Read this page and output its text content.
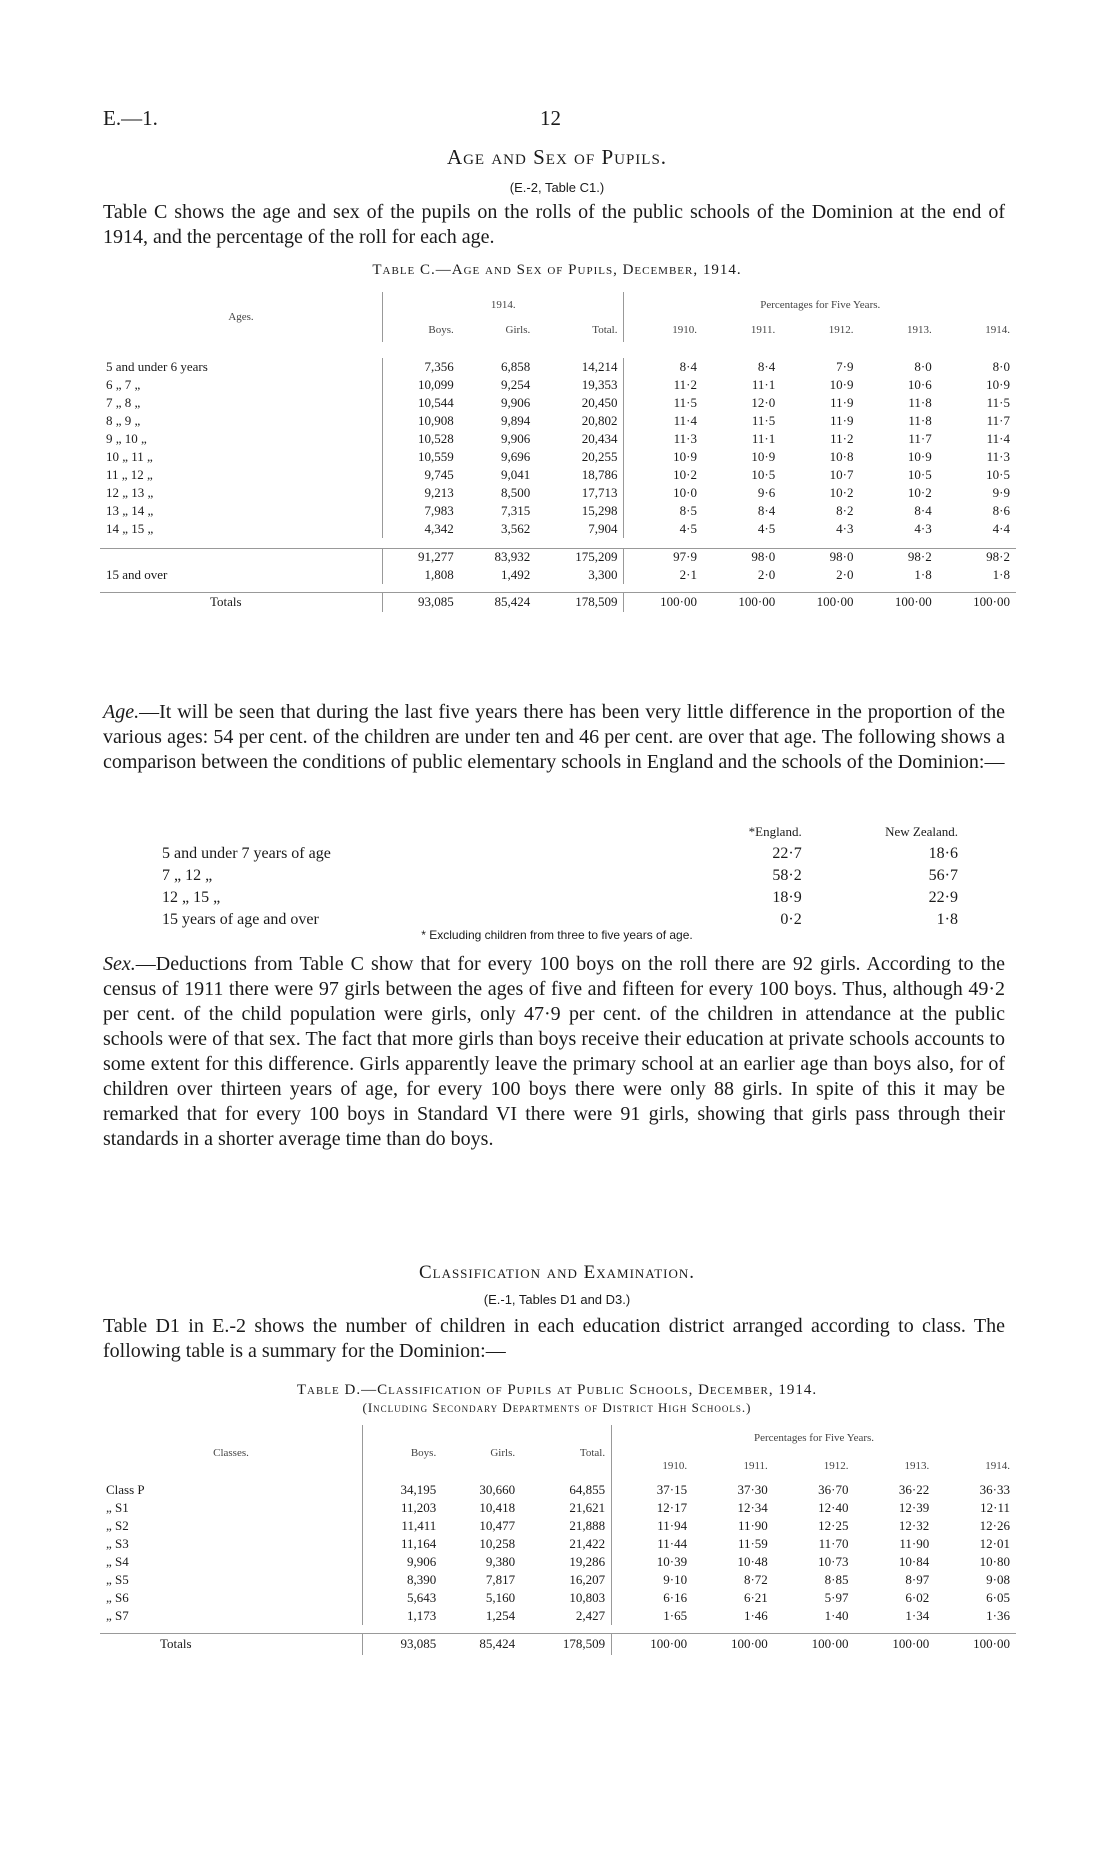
E.—1.	12
Age and Sex of Pupils.
(E.-2, Table C1.)
Table C shows the age and sex of the pupils on the rolls of the public schools of the Dominion at the end of 1914, and the percentage of the roll for each age.
Table C.—Age and Sex of Pupils, December, 1914.
Ages.	1914.			Percentages for Five Years.				
	Boys.	Girls.	Total.	1910.	1911.	1912.	1913.	1914.

5 and under 6 years	7,356	6,858	14,214	8·4	8·4	7·9	8·0	8·0
6 „ 7 „	10,099	9,254	19,353	11·2	11·1	10·9	10·6	10·9
7 „ 8 „	10,544	9,906	20,450	11·5	12·0	11·9	11·8	11·5
8 „ 9 „	10,908	9,894	20,802	11·4	11·5	11·9	11·8	11·7
9 „ 10 „	10,528	9,906	20,434	11·3	11·1	11·2	11·7	11·4
10 „ 11 „	10,559	9,696	20,255	10·9	10·9	10·8	10·9	11·3
11 „ 12 „	9,745	9,041	18,786	10·2	10·5	10·7	10·5	10·5
12 „ 13 „	9,213	8,500	17,713	10·0	9·6	10·2	10·2	9·9
13 „ 14 „	7,983	7,315	15,298	8·5	8·4	8·2	8·4	8·6
14 „ 15 „	4,342	3,562	7,904	4·5	4·5	4·3	4·3	4·4

	91,277	83,932	175,209	97·9	98·0	98·0	98·2	98·2
15 and over	1,808	1,492	3,300	2·1	2·0	2·0	1·8	1·8

Totals	93,085	85,424	178,509	100·00	100·00	100·00	100·00	100·00
Age.—It will be seen that during the last five years there has been very little difference in the proportion of the various ages: 54 per cent. of the children are under ten and 46 per cent. are over that age. The following shows a comparison between the conditions of public elementary schools in England and the schools of the Dominion:—
	*England.	New Zealand.
5 and under 7 years of age	22·7	18·6
7 „ 12 „	58·2	56·7
12 „ 15 „	18·9	22·9
15 years of age and over	0·2	1·8
* Excluding children from three to five years of age.
Sex.—Deductions from Table C show that for every 100 boys on the roll there are 92 girls. According to the census of 1911 there were 97 girls between the ages of five and fifteen for every 100 boys. Thus, although 49·2 per cent. of the child population were girls, only 47·9 per cent. of the children in attendance at the public schools were of that sex. The fact that more girls than boys receive their education at private schools accounts to some extent for this difference. Girls apparently leave the primary school at an earlier age than boys also, for of children over thirteen years of age, for every 100 boys there were only 88 girls. In spite of this it may be remarked that for every 100 boys in Standard VI there were 91 girls, showing that girls pass through their standards in a shorter average time than do boys.
Classification and Examination.
(E.-1, Tables D1 and D3.)
Table D1 in E.-2 shows the number of children in each education district arranged according to class. The following table is a summary for the Dominion:—
Table D.—Classification of Pupils at Public Schools, December, 1914.
(Including Secondary Departments of District High Schools.)
Classes.	Boys.	Girls.	Total.	Percentages for Five Years.				
				1910.	1911.	1912.	1913.	1914.
Class P	34,195	30,660	64,855	37·15	37·30	36·70	36·22	36·33
„ S1	11,203	10,418	21,621	12·17	12·34	12·40	12·39	12·11
„ S2	11,411	10,477	21,888	11·94	11·90	12·25	12·32	12·26
„ S3	11,164	10,258	21,422	11·44	11·59	11·70	11·90	12·01
„ S4	9,906	9,380	19,286	10·39	10·48	10·73	10·84	10·80
„ S5	8,390	7,817	16,207	9·10	8·72	8·85	8·97	9·08
„ S6	5,643	5,160	10,803	6·16	6·21	5·97	6·02	6·05
„ S7	1,173	1,254	2,427	1·65	1·46	1·40	1·34	1·36

Totals	93,085	85,424	178,509	100·00	100·00	100·00	100·00	100·00
